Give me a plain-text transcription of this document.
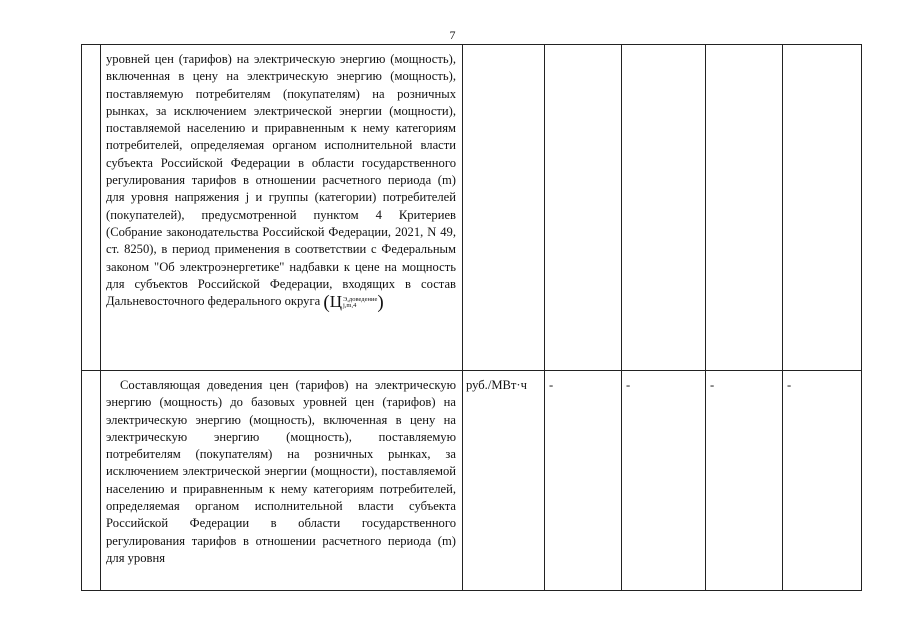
7

	уровней цен (тарифов) на электрическую энергию (мощность), включенная в цену на электрическую энергию (мощность), поставляемую потребителям (покупателям) на розничных рынках, за исключением электрической энергии (мощности), поставляемой населению и приравненным к нему категориям потребителей, определяемая органом исполнительной власти субъекта Российской Федерации в области государственного регулирования тарифов в отношении расчетного периода (m) для уровня напряжения j и группы (категории) потребителей (покупателей), предусмотренной пунктом 4 Критериев (Собрание законодательства Российской Федерации, 2021, N 49, ст. 8250), в период применения в соответствии с Федеральным законом "Об электроэнергетике" надбавки к цене на мощность для субъектов Российской Федерации, входящих в состав Дальневосточного федерального округа (ЦЭ,доведение
j,m,4 )					

	Составляющая доведения цен (тарифов) на электрическую энергию (мощность) до базовых уровней цен (тарифов) на электрическую энергию (мощность), включенная в цену на электрическую энергию (мощность), поставляемую потребителям (покупателям) на розничных рынках, за исключением электрической энергии (мощности), поставляемой населению и приравненным к нему категориям потребителей, определяемая органом исполнительной власти субъекта Российской Федерации в области государственного регулирования тарифов в отношении расчетного периода (m) для уровня	руб./МВт·ч	-	-	-	-
